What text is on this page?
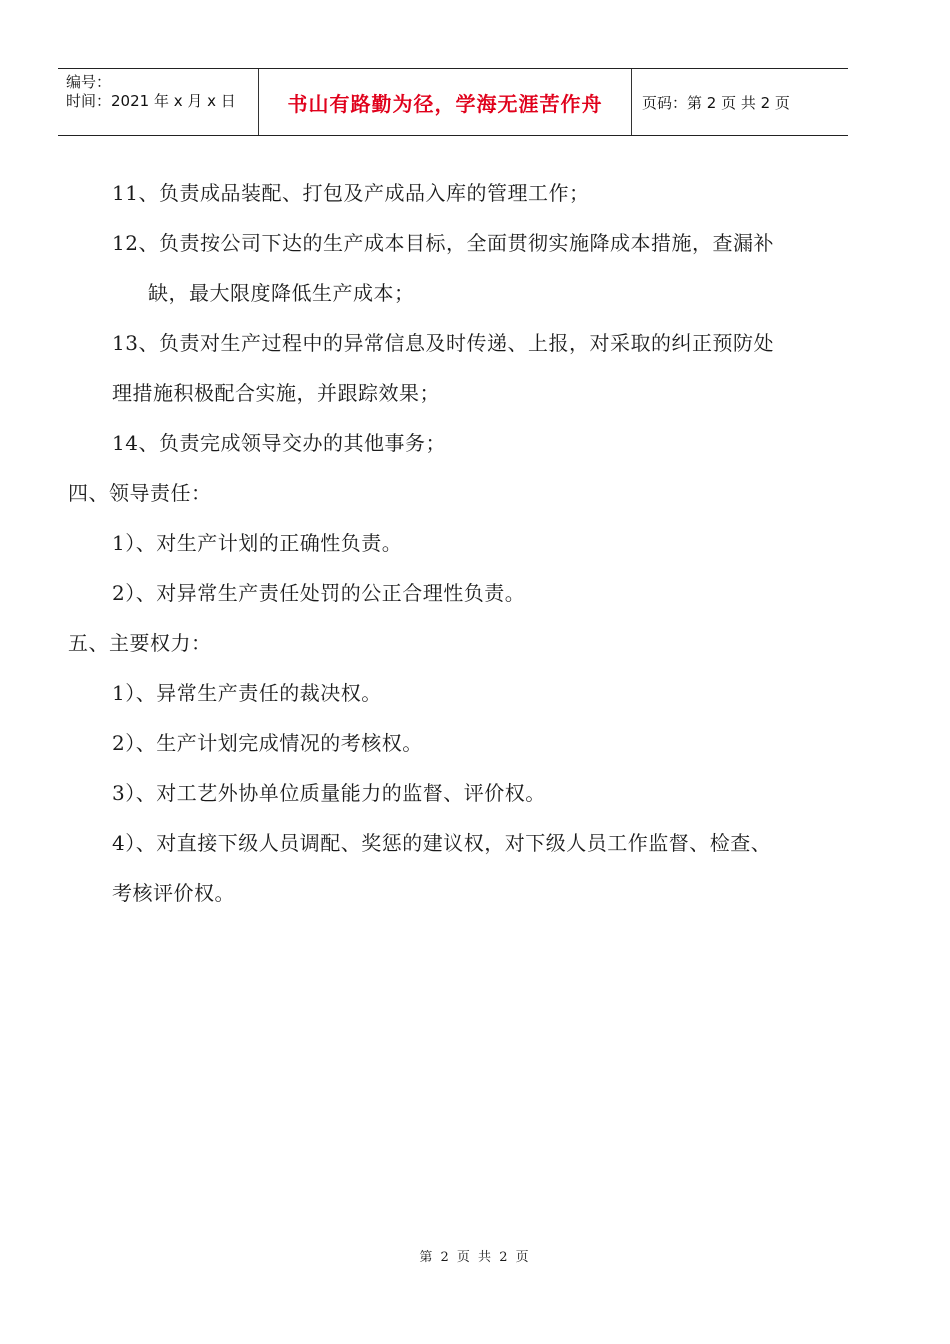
编号：
时间：2021 年 x 月 x 日	书山有路勤为径，学海无涯苦作舟	页码：第 2 页 共 2 页
11、负责成品装配、打包及产成品入库的管理工作；
12、负责按公司下达的生产成本目标，全面贯彻实施降成本措施，查漏补
缺，最大限度降低生产成本；
13、负责对生产过程中的异常信息及时传递、上报，对采取的纠正预防处
理措施积极配合实施，并跟踪效果；
14、负责完成领导交办的其他事务；
四、领导责任：
1）、对生产计划的正确性负责。
2）、对异常生产责任处罚的公正合理性负责。
五、主要权力：
1）、异常生产责任的裁决权。
2）、生产计划完成情况的考核权。
3）、对工艺外协单位质量能力的监督、评价权。
4）、对直接下级人员调配、奖惩的建议权，对下级人员工作监督、检查、
考核评价权。
第 2 页 共 2 页
